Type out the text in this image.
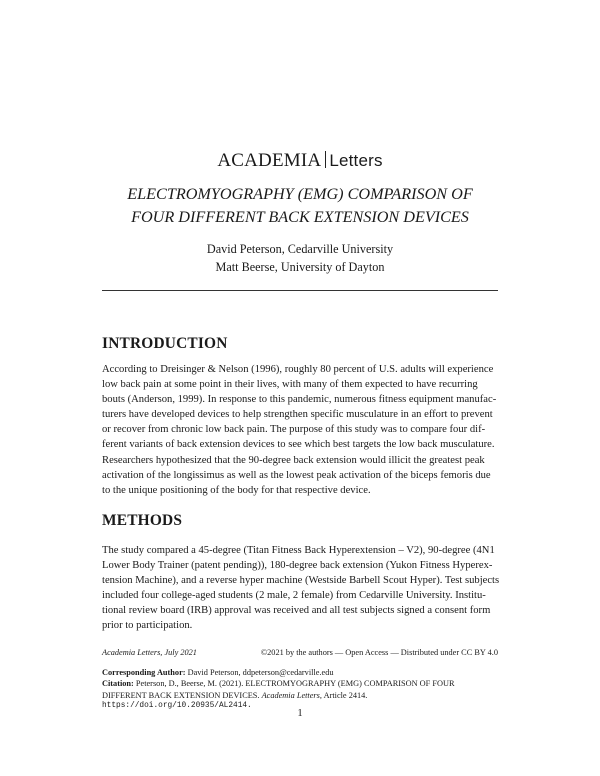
ACADEMIA Letters
ELECTROMYOGRAPHY (EMG) COMPARISON OF
FOUR DIFFERENT BACK EXTENSION DEVICES
David Peterson, Cedarville University
Matt Beerse, University of Dayton
INTRODUCTION
According to Dreisinger & Nelson (1996), roughly 80 percent of U.S. adults will experience
low back pain at some point in their lives, with many of them expected to have recurring
bouts (Anderson, 1999). In response to this pandemic, numerous fitness equipment manufac-
turers have developed devices to help strengthen specific musculature in an effort to prevent
or recover from chronic low back pain. The purpose of this study was to compare four dif-
ferent variants of back extension devices to see which best targets the low back musculature.
Researchers hypothesized that the 90-degree back extension would illicit the greatest peak
activation of the longissimus as well as the lowest peak activation of the biceps femoris due
to the unique positioning of the body for that respective device.
METHODS
The study compared a 45-degree (Titan Fitness Back Hyperextension – V2), 90-degree (4N1
Lower Body Trainer (patent pending)), 180-degree back extension (Yukon Fitness Hyperex-
tension Machine), and a reverse hyper machine (Westside Barbell Scout Hyper). Test subjects
included four college-aged students (2 male, 2 female) from Cedarville University. Institu-
tional review board (IRB) approval was received and all test subjects signed a consent form
prior to participation.
Academia Letters, July 2021	©2021 by the authors — Open Access — Distributed under CC BY 4.0
Corresponding Author: David Peterson, ddpeterson@cedarville.edu
Citation: Peterson, D., Beerse, M. (2021). ELECTROMYOGRAPHY (EMG) COMPARISON OF FOUR
DIFFERENT BACK EXTENSION DEVICES. Academia Letters, Article 2414.
https://doi.org/10.20935/AL2414.
1
